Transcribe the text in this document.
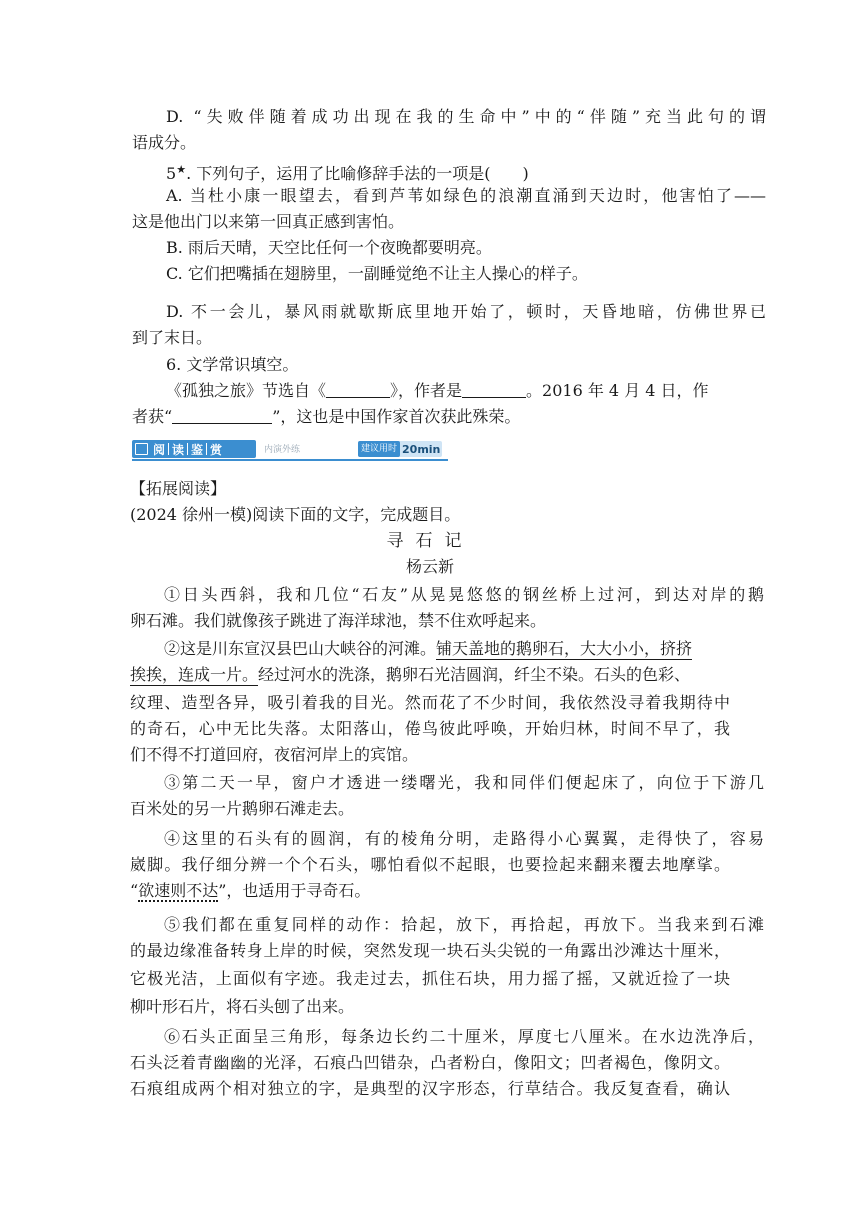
D. “失败伴随着成功出现在我的生命中”中的“伴随”充当此句的谓
语成分。
5★. 下列句子，运用了比喻修辞手法的一项是(　　)
A. 当杜小康一眼望去，看到芦苇如绿色的浪潮直涌到天边时，他害怕了——
这是他出门以来第一回真正感到害怕。
B. 雨后天晴，天空比任何一个夜晚都要明亮。
C. 它们把嘴插在翅膀里，一副睡觉绝不让主人操心的样子。
D. 不一会儿，暴风雨就歇斯底里地开始了，顿时，天昏地暗，仿佛世界已
到了末日。
6. 文学常识填空。
《孤独之旅》节选自《	》，作者是	。2016 年 4 月 4 日，作
者获“	”，这也是中国作家首次获此殊荣。
阅 读 鉴 赏	内演外练	建议用时 20min
【拓展阅读】
(2024 徐州一模)阅读下面的文字，完成题目。
寻石记
杨云新
①日头西斜，我和几位“石友”从晃晃悠悠的钢丝桥上过河，到达对岸的鹅
卵石滩。我们就像孩子跳进了海洋球池，禁不住欢呼起来。
②这是川东宣汉县巴山大峡谷的河滩。铺天盖地的鹅卵石，大大小小，挤挤
挨挨，连成一片。经过河水的洗涤，鹅卵石光洁圆润，纤尘不染。石头的色彩、
纹理、造型各异，吸引着我的目光。然而花了不少时间，我依然没寻着我期待中
的奇石，心中无比失落。太阳落山，倦鸟彼此呼唤，开始归林，时间不早了，我
们不得不打道回府，夜宿河岸上的宾馆。
③第二天一早，窗户才透进一缕曙光，我和同伴们便起床了，向位于下游几
百米处的另一片鹅卵石滩走去。
④这里的石头有的圆润，有的棱角分明，走路得小心翼翼，走得快了，容易
崴脚。我仔细分辨一个个石头，哪怕看似不起眼，也要捡起来翻来覆去地摩挲。
“欲速则不达”，也适用于寻奇石。
⑤我们都在重复同样的动作：拾起，放下，再拾起，再放下。当我来到石滩
的最边缘准备转身上岸的时候，突然发现一块石头尖锐的一角露出沙滩达十厘米，
它极光洁，上面似有字迹。我走过去，抓住石块，用力摇了摇，又就近捡了一块
柳叶形石片，将石头刨了出来。
⑥石头正面呈三角形，每条边长约二十厘米，厚度七八厘米。在水边洗净后，
石头泛着青幽幽的光泽，石痕凸凹错杂，凸者粉白，像阳文；凹者褐色，像阴文。
石痕组成两个相对独立的字，是典型的汉字形态，行草结合。我反复查看，确认
